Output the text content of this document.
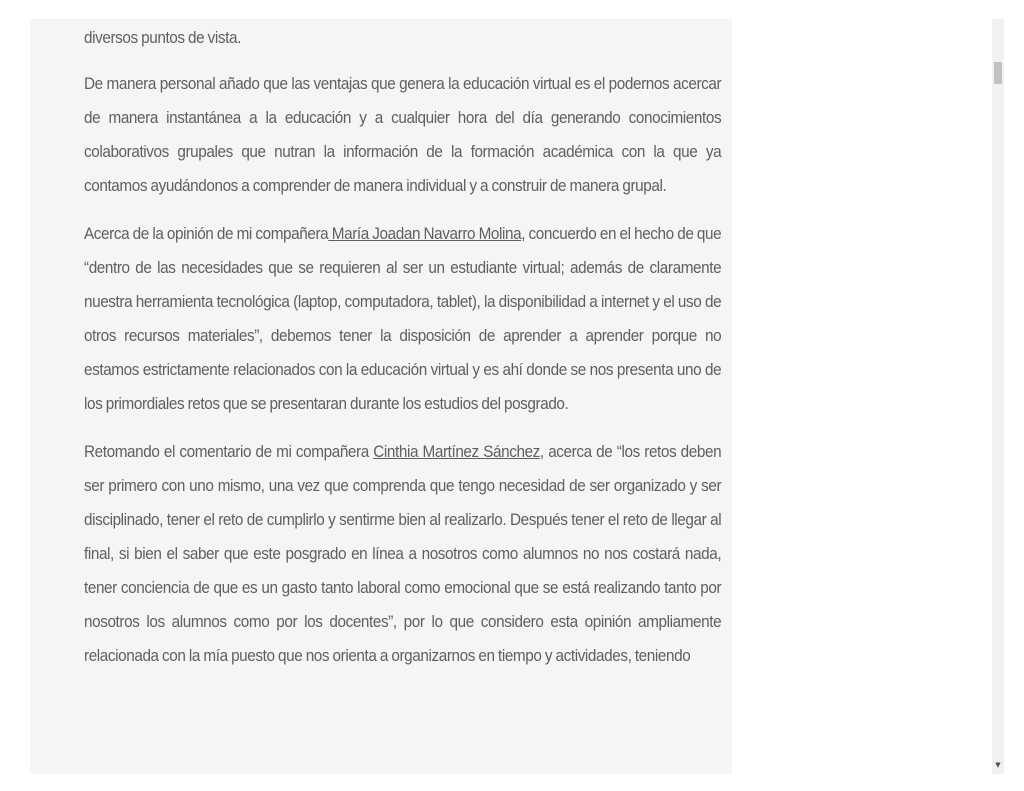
diversos puntos de vista.

De manera personal añado que las ventajas que genera la educación virtual es el podernos acercar de manera instantánea a la educación y a cualquier hora del día generando conocimientos colaborativos grupales que nutran la información de la formación académica con la que ya contamos ayudándonos a comprender de manera individual y a construir de manera grupal.

Acerca de la opinión de mi compañera María Joadan Navarro Molina, concuerdo en el hecho de que “dentro de las necesidades que se requieren al ser un estudiante virtual; además de claramente nuestra herramienta tecnológica (laptop, computadora, tablet), la disponibilidad a internet y el uso de otros recursos materiales”, debemos tener la disposición de aprender a aprender porque no estamos estrictamente relacionados con la educación virtual y es ahí donde se nos presenta uno de los primordiales retos que se presentaran durante los estudios del posgrado.

Retomando el comentario de mi compañera Cinthia Martínez Sánchez, acerca de “los retos deben ser primero con uno mismo, una vez que comprenda que tengo necesidad de ser organizado y ser disciplinado, tener el reto de cumplirlo y sentirme bien al realizarlo. Después tener el reto de llegar al final, si bien el saber que este posgrado en línea a nosotros como alumnos no nos costará nada, tener conciencia de que es un gasto tanto laboral como emocional que se está realizando tanto por nosotros los alumnos como por los docentes”, por lo que considero esta opinión ampliamente relacionada con la mía puesto que nos orienta a organizarnos en tiempo y actividades, teniendo

▼
